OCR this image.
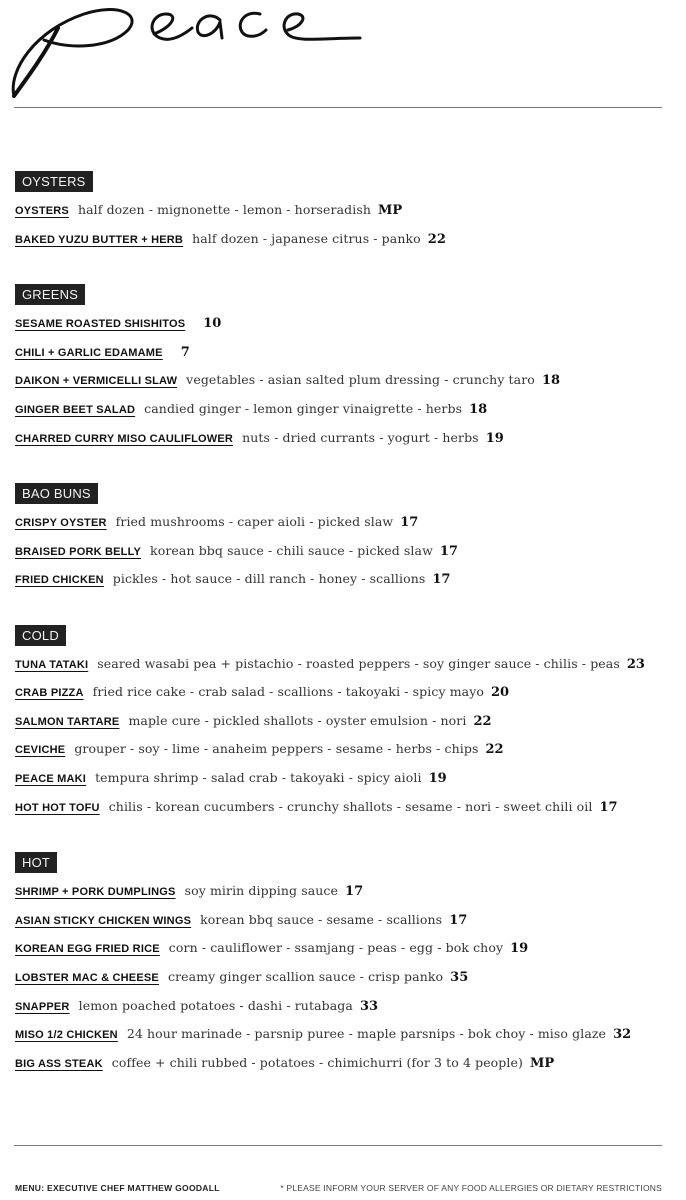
OYSTERS
OYSTERS half dozen - mignonette - lemon - horseradish MP
BAKED YUZU BUTTER + HERB half dozen - japanese citrus - panko 22
GREENS
SESAME ROASTED SHISHITOS 10
CHILI + GARLIC EDAMAME 7
DAIKON + VERMICELLI SLAW vegetables - asian salted plum dressing - crunchy taro 18
GINGER BEET SALAD candied ginger - lemon ginger vinaigrette - herbs 18
CHARRED CURRY MISO CAULIFLOWER nuts - dried currants - yogurt - herbs 19
BAO BUNS
CRISPY OYSTER fried mushrooms - caper aioli - picked slaw 17
BRAISED PORK BELLY korean bbq sauce - chili sauce - picked slaw 17
FRIED CHICKEN pickles - hot sauce - dill ranch - honey - scallions 17
COLD
TUNA TATAKI seared wasabi pea + pistachio - roasted peppers - soy ginger sauce - chilis - peas 23
CRAB PIZZA fried rice cake - crab salad - scallions - takoyaki - spicy mayo 20
SALMON TARTARE maple cure - pickled shallots - oyster emulsion - nori 22
CEVICHE grouper - soy - lime - anaheim peppers - sesame - herbs - chips 22
PEACE MAKI tempura shrimp - salad crab - takoyaki - spicy aioli 19
HOT HOT TOFU chilis - korean cucumbers - crunchy shallots - sesame - nori - sweet chili oil 17
HOT
SHRIMP + PORK DUMPLINGS soy mirin dipping sauce 17
ASIAN STICKY CHICKEN WINGS korean bbq sauce - sesame - scallions 17
KOREAN EGG FRIED RICE corn - cauliflower - ssamjang - peas - egg - bok choy 19
LOBSTER MAC & CHEESE creamy ginger scallion sauce - crisp panko 35
SNAPPER lemon poached potatoes - dashi - rutabaga 33
MISO 1/2 CHICKEN 24 hour marinade - parsnip puree - maple parsnips - bok choy - miso glaze 32
BIG ASS STEAK coffee + chili rubbed - potatoes - chimichurri (for 3 to 4 people) MP
MENU: EXECUTIVE CHEF MATTHEW GOODALL	* PLEASE INFORM YOUR SERVER OF ANY FOOD ALLERGIES OR DIETARY RESTRICTIONS
